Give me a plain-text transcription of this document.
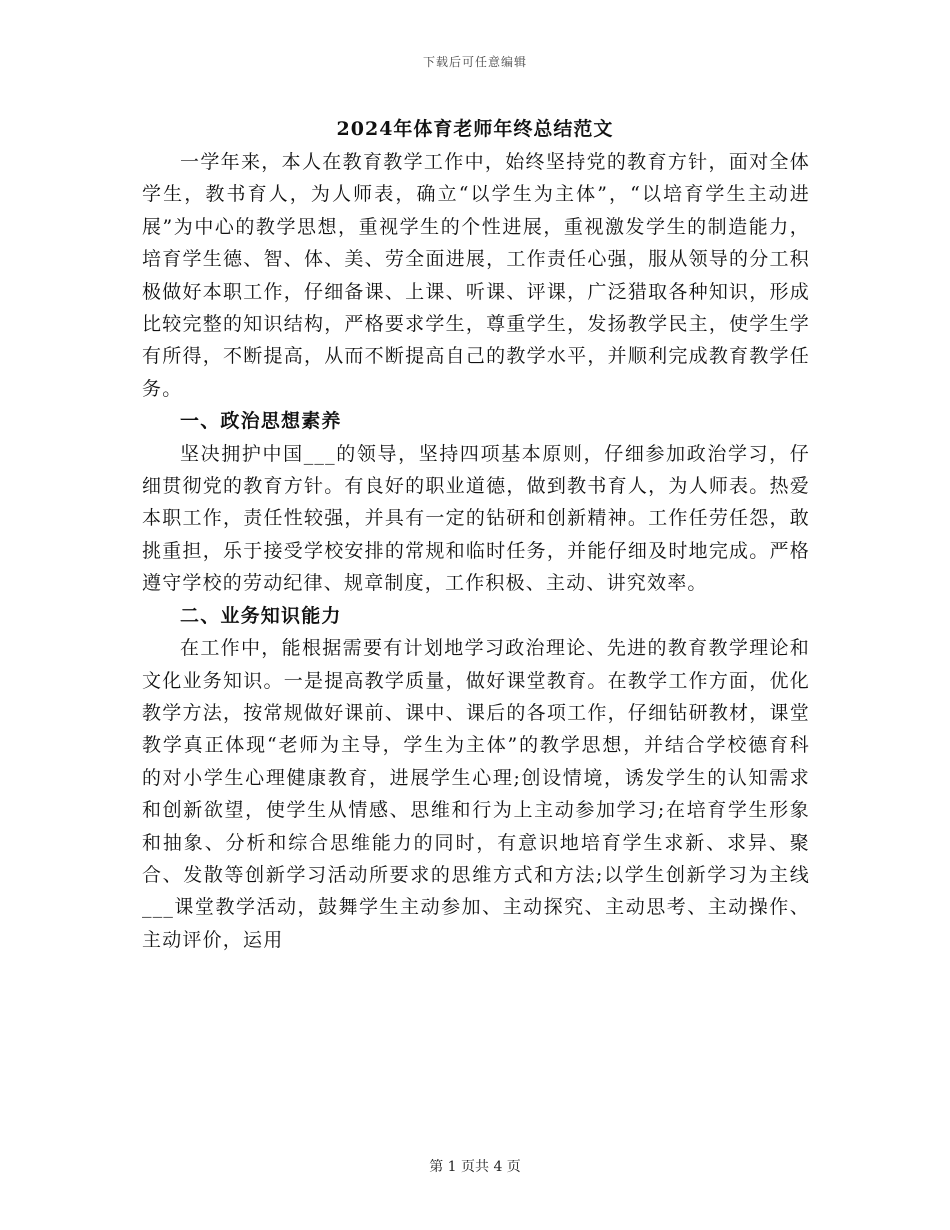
下载后可任意编辑
2024年体育老师年终总结范文

一学年来，本人在教育教学工作中，始终坚持党的教育方针，面对全体学生，教书育人，为人师表，确立“以学生为主体”，“以培育学生主动进展”为中心的教学思想，重视学生的个性进展，重视激发学生的制造能力，培育学生德、智、体、美、劳全面进展，工作责任心强，服从领导的分工积极做好本职工作，仔细备课、上课、听课、评课，广泛猎取各种知识，形成比较完整的知识结构，严格要求学生，尊重学生，发扬教学民主，使学生学有所得，不断提高，从而不断提高自己的教学水平，并顺利完成教育教学任务。

一、政治思想素养

坚决拥护中国___的领导，坚持四项基本原则，仔细参加政治学习，仔细贯彻党的教育方针。有良好的职业道德，做到教书育人，为人师表。热爱本职工作，责任性较强，并具有一定的钻研和创新精神。工作任劳任怨，敢挑重担，乐于接受学校安排的常规和临时任务，并能仔细及时地完成。严格遵守学校的劳动纪律、规章制度，工作积极、主动、讲究效率。

二、业务知识能力

在工作中，能根据需要有计划地学习政治理论、先进的教育教学理论和文化业务知识。一是提高教学质量，做好课堂教育。在教学工作方面，优化教学方法，按常规做好课前、课中、课后的各项工作，仔细钻研教材，课堂教学真正体现“老师为主导，学生为主体”的教学思想，并结合学校德育科的对小学生心理健康教育，进展学生心理;创设情境，诱发学生的认知需求和创新欲望，使学生从情感、思维和行为上主动参加学习;在培育学生形象和抽象、分析和综合思维能力的同时，有意识地培育学生求新、求异、聚合、发散等创新学习活动所要求的思维方式和方法;以学生创新学习为主线___课堂教学活动，鼓舞学生主动参加、主动探究、主动思考、主动操作、主动评价，运用

第 1 页共 4 页
